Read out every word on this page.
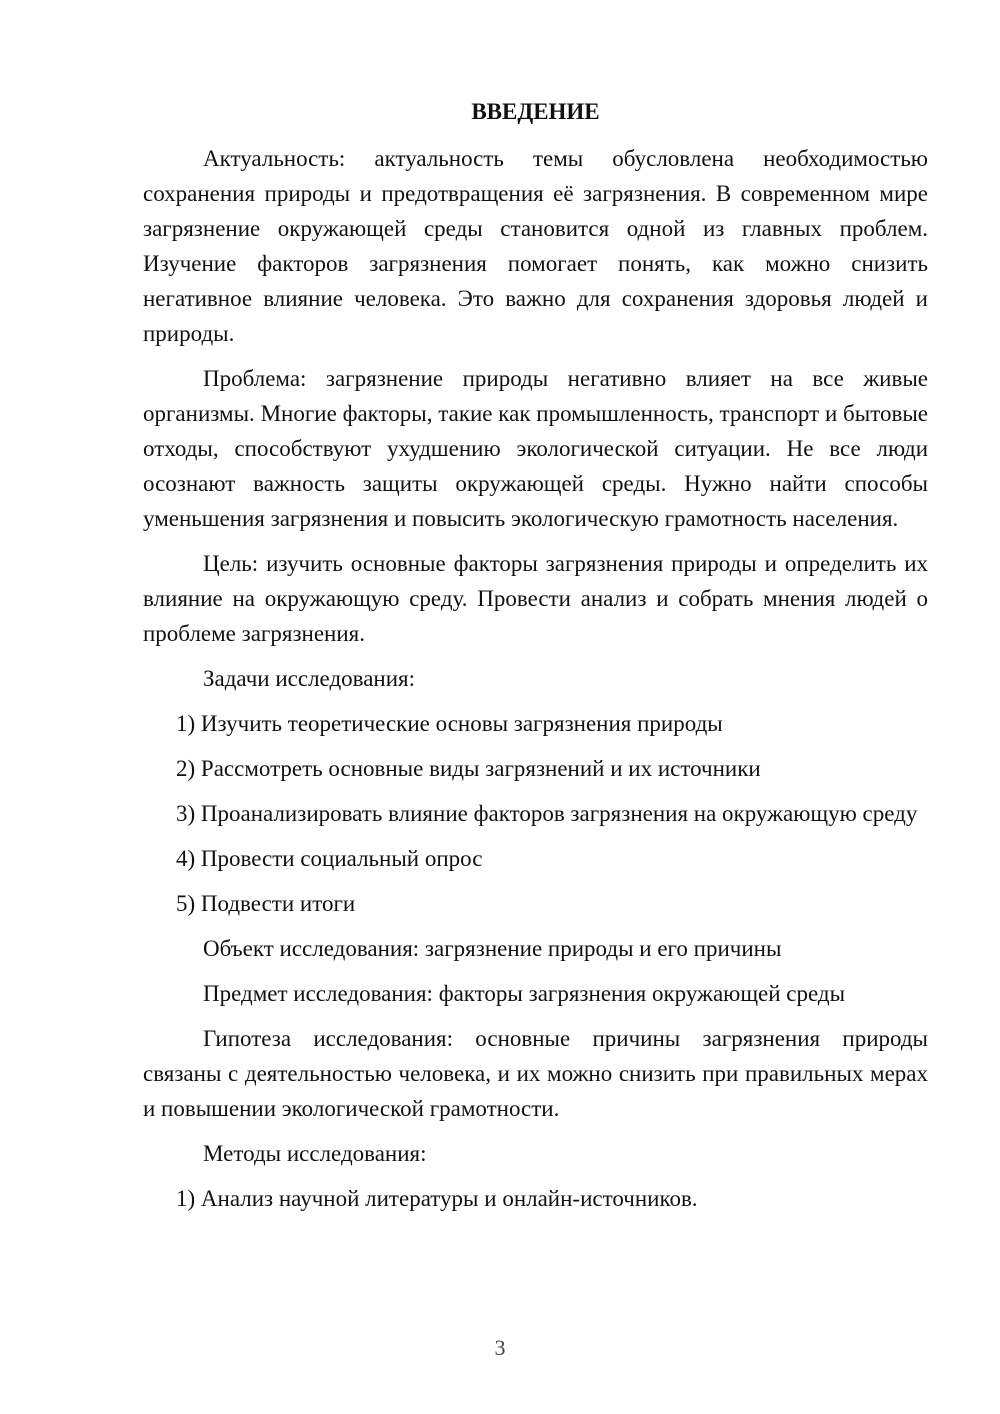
ВВЕДЕНИЕ

Актуальность: актуальность темы обусловлена необходимостью сохранения природы и предотвращения её загрязнения. В современном мире загрязнение окружающей среды становится одной из главных проблем. Изучение факторов загрязнения помогает понять, как можно снизить негативное влияние человека. Это важно для сохранения здоровья людей и природы.

Проблема: загрязнение природы негативно влияет на все живые организмы. Многие факторы, такие как промышленность, транспорт и бытовые отходы, способствуют ухудшению экологической ситуации. Не все люди осознают важность защиты окружающей среды. Нужно найти способы уменьшения загрязнения и повысить экологическую грамотность населения.

Цель: изучить основные факторы загрязнения природы и определить их влияние на окружающую среду. Провести анализ и собрать мнения людей о проблеме загрязнения.

Задачи исследования:

1) Изучить теоретические основы загрязнения природы

2) Рассмотреть основные виды загрязнений и их источники

3) Проанализировать влияние факторов загрязнения на окружающую среду

4) Провести социальный опрос

5) Подвести итоги

Объект исследования: загрязнение природы и его причины

Предмет исследования: факторы загрязнения окружающей среды

Гипотеза исследования: основные причины загрязнения природы связаны с деятельностью человека, и их можно снизить при правильных мерах и повышении экологической грамотности.

Методы исследования:

1) Анализ научной литературы и онлайн-источников.

3
